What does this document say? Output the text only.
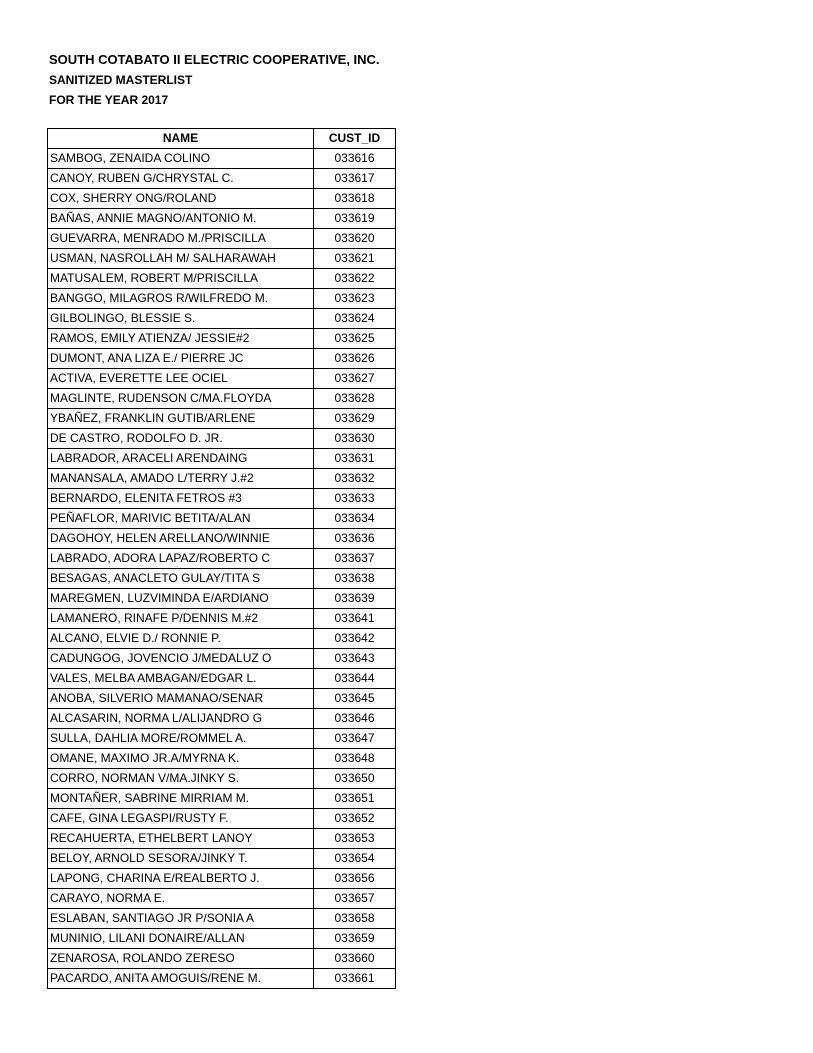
SOUTH COTABATO II ELECTRIC COOPERATIVE, INC.
SANITIZED MASTERLIST
FOR THE YEAR 2017
NAME	CUST_ID
SAMBOG, ZENAIDA COLINO	033616
CANOY, RUBEN G/CHRYSTAL C.	033617
COX, SHERRY ONG/ROLAND	033618
BAÑAS, ANNIE MAGNO/ANTONIO M.	033619
GUEVARRA, MENRADO M./PRISCILLA	033620
USMAN, NASROLLAH M/ SALHARAWAH	033621
MATUSALEM, ROBERT M/PRISCILLA	033622
BANGGO, MILAGROS R/WILFREDO M.	033623
GILBOLINGO, BLESSIE S.	033624
RAMOS, EMILY ATIENZA/ JESSIE#2	033625
DUMONT, ANA LIZA E./ PIERRE JC	033626
ACTIVA, EVERETTE LEE OCIEL	033627
MAGLINTE, RUDENSON C/MA.FLOYDA	033628
YBAÑEZ, FRANKLIN GUTIB/ARLENE	033629
DE CASTRO, RODOLFO D. JR.	033630
LABRADOR, ARACELI ARENDAING	033631
MANANSALA, AMADO L/TERRY J.#2	033632
BERNARDO, ELENITA FETROS #3	033633
PEÑAFLOR, MARIVIC BETITA/ALAN	033634
DAGOHOY, HELEN ARELLANO/WINNIE	033636
LABRADO, ADORA LAPAZ/ROBERTO C	033637
BESAGAS, ANACLETO GULAY/TITA S	033638
MAREGMEN, LUZVIMINDA E/ARDIANO	033639
LAMANERO, RINAFE P/DENNIS M.#2	033641
ALCANO, ELVIE D./ RONNIE P.	033642
CADUNGOG, JOVENCIO J/MEDALUZ O	033643
VALES, MELBA AMBAGAN/EDGAR L.	033644
ANOBA, SILVERIO MAMANAO/SENAR	033645
ALCASARIN, NORMA L/ALIJANDRO G	033646
SULLA, DAHLIA MORE/ROMMEL A.	033647
OMANE, MAXIMO JR.A/MYRNA K.	033648
CORRO, NORMAN V/MA.JINKY S.	033650
MONTAÑER, SABRINE MIRRIAM M.	033651
CAFE, GINA LEGASPI/RUSTY F.	033652
RECAHUERTA, ETHELBERT LANOY	033653
BELOY, ARNOLD SESORA/JINKY T.	033654
LAPONG, CHARINA E/REALBERTO J.	033656
CARAYO, NORMA E.	033657
ESLABAN, SANTIAGO JR P/SONIA A	033658
MUNINIO, LILANI DONAIRE/ALLAN	033659
ZENAROSA, ROLANDO ZERESO	033660
PACARDO, ANITA AMOGUIS/RENE M.	033661
